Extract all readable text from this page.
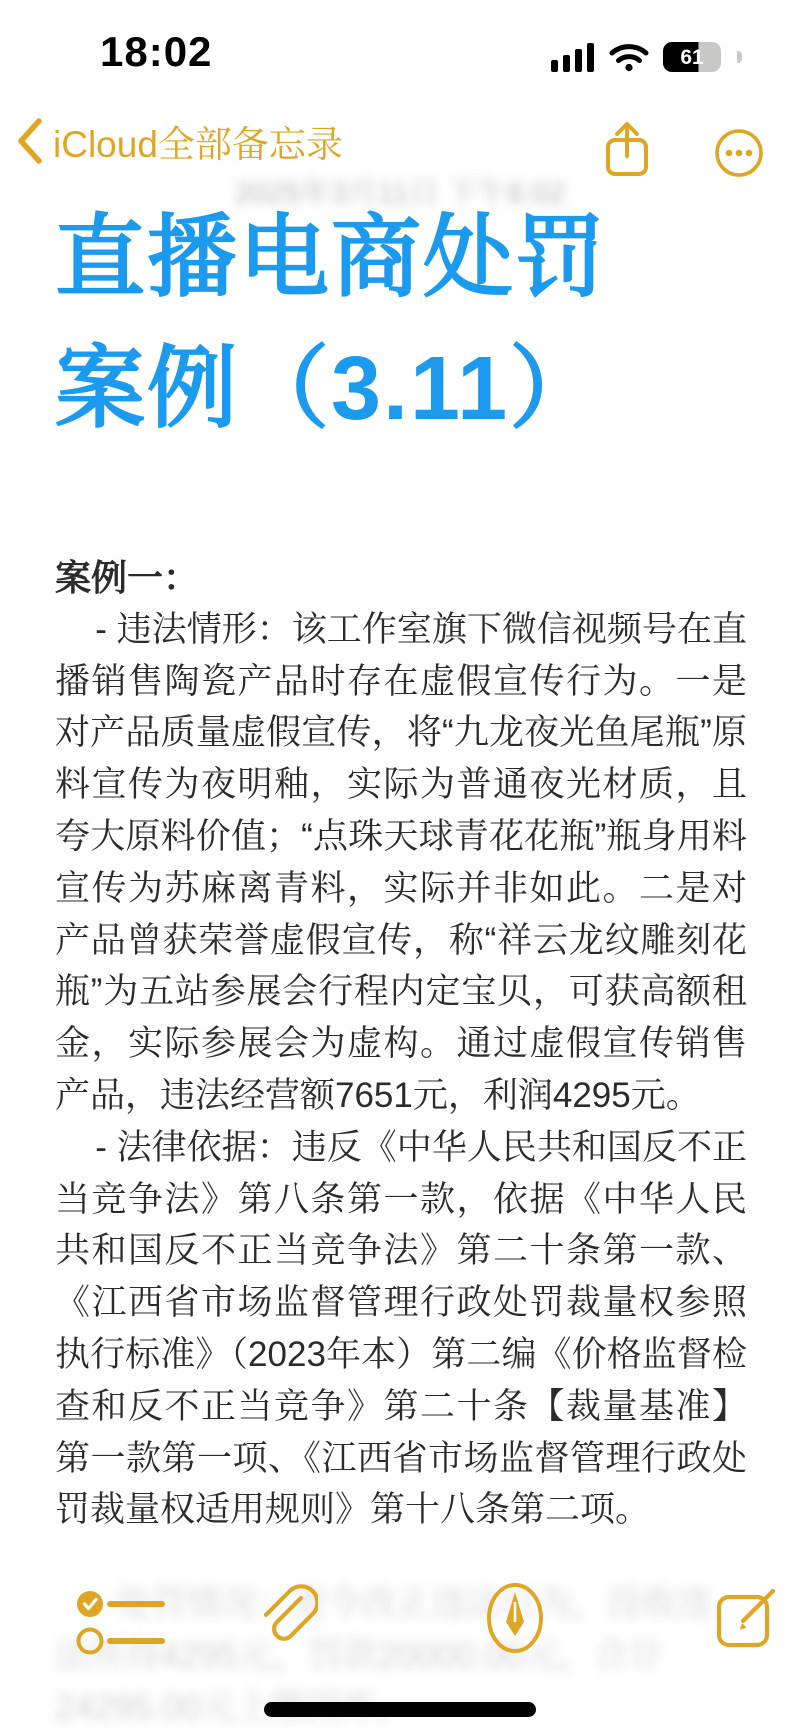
18:02	61
iCloud全部备忘录
2025年3月11日 下午6:02
直播电商处罚
案例（3.11）
案例一：

- 违法情形：该工作室旗下微信视频号在直播销售陶瓷产品时存在虚假宣传行为。一是对产品质量虚假宣传，将“九龙夜光鱼尾瓶”原料宣传为夜明釉，实际为普通夜光材质，且夸大原料价值；“点珠天球青花花瓶”瓶身用料宣传为苏麻离青料，实际并非如此。二是对产品曾获荣誉虚假宣传，称“祥云龙纹雕刻花瓶”为五站参展会行程内定宝贝，可获高额租金，实际参展会为虚构。通过虚假宣传销售产品，违法经营额7651元，利润4295元。

- 法律依据：违反《中华人民共和国反不正当竞争法》第八条第一款，依据《中华人民共和国反不正当竞争法》第二十条第一款、《江西省市场监督管理行政处罚裁量权参照执行标准》（2023年本）第二编《价格监督检查和反不正当竞争》第二十条【裁量基准】第一款第一项、《江西省市场监督管理行政处罚裁量权适用规则》第十八条第二项。
